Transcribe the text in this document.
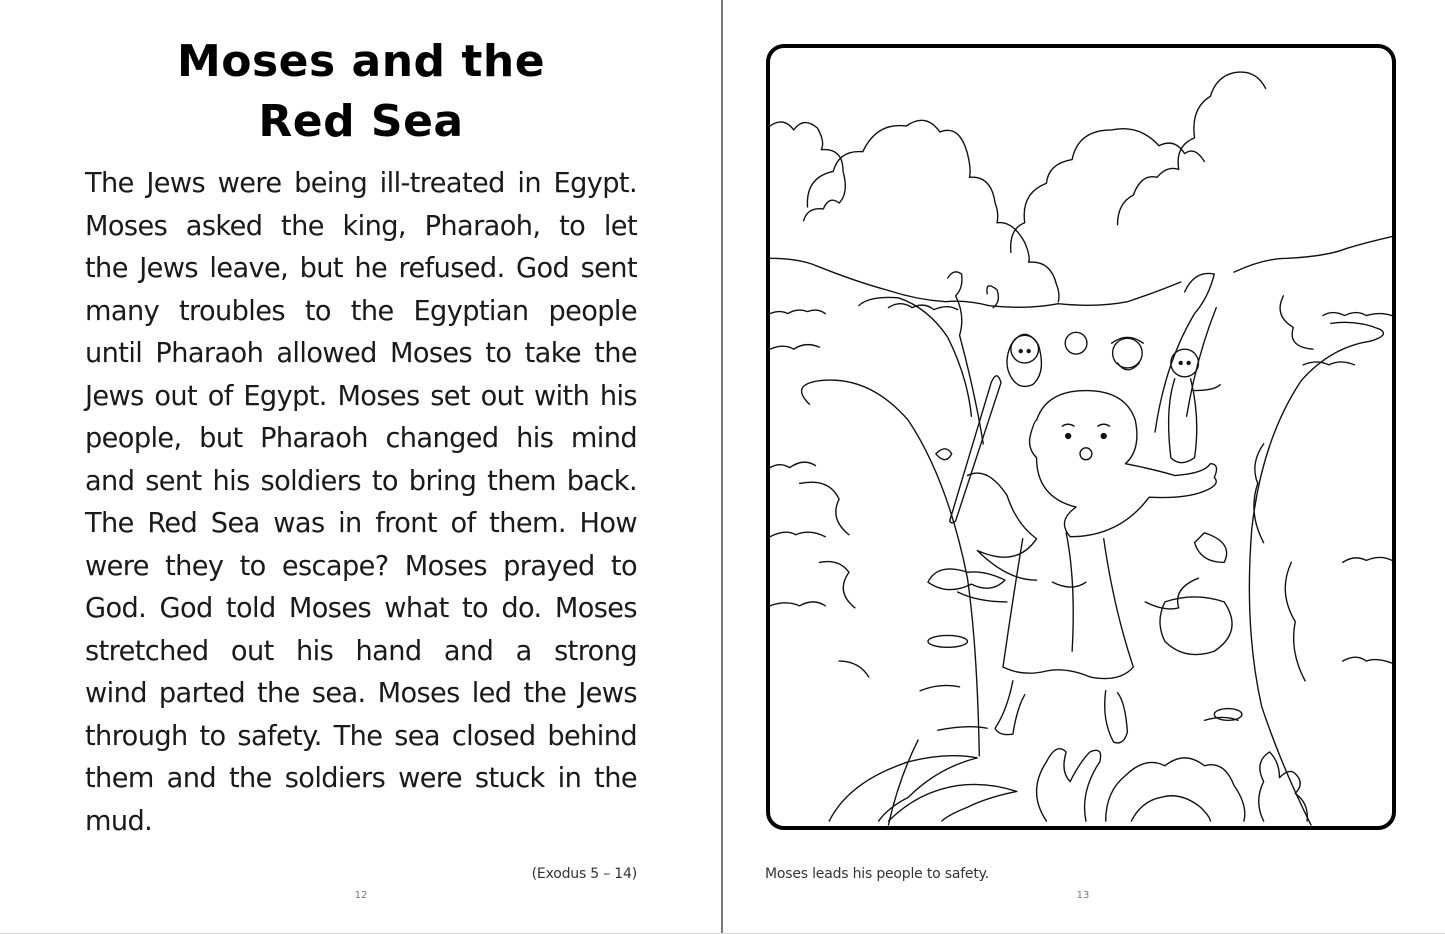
Moses and the
Red Sea
The Jews were being ill-treated in Egypt.
Moses asked the king, Pharaoh, to let
the Jews leave, but he refused. God sent
many troubles to the Egyptian people
until Pharaoh allowed Moses to take the
Jews out of Egypt. Moses set out with his
people, but Pharaoh changed his mind
and sent his soldiers to bring them back.
The Red Sea was in front of them. How
were they to escape? Moses prayed to
God. God told Moses what to do. Moses
stretched out his hand and a strong
wind parted the sea. Moses led the Jews
through to safety. The sea closed behind
them and the soldiers were stuck in the
mud.
(Exodus 5 – 14)
12
Moses leads his people to safety.
13
